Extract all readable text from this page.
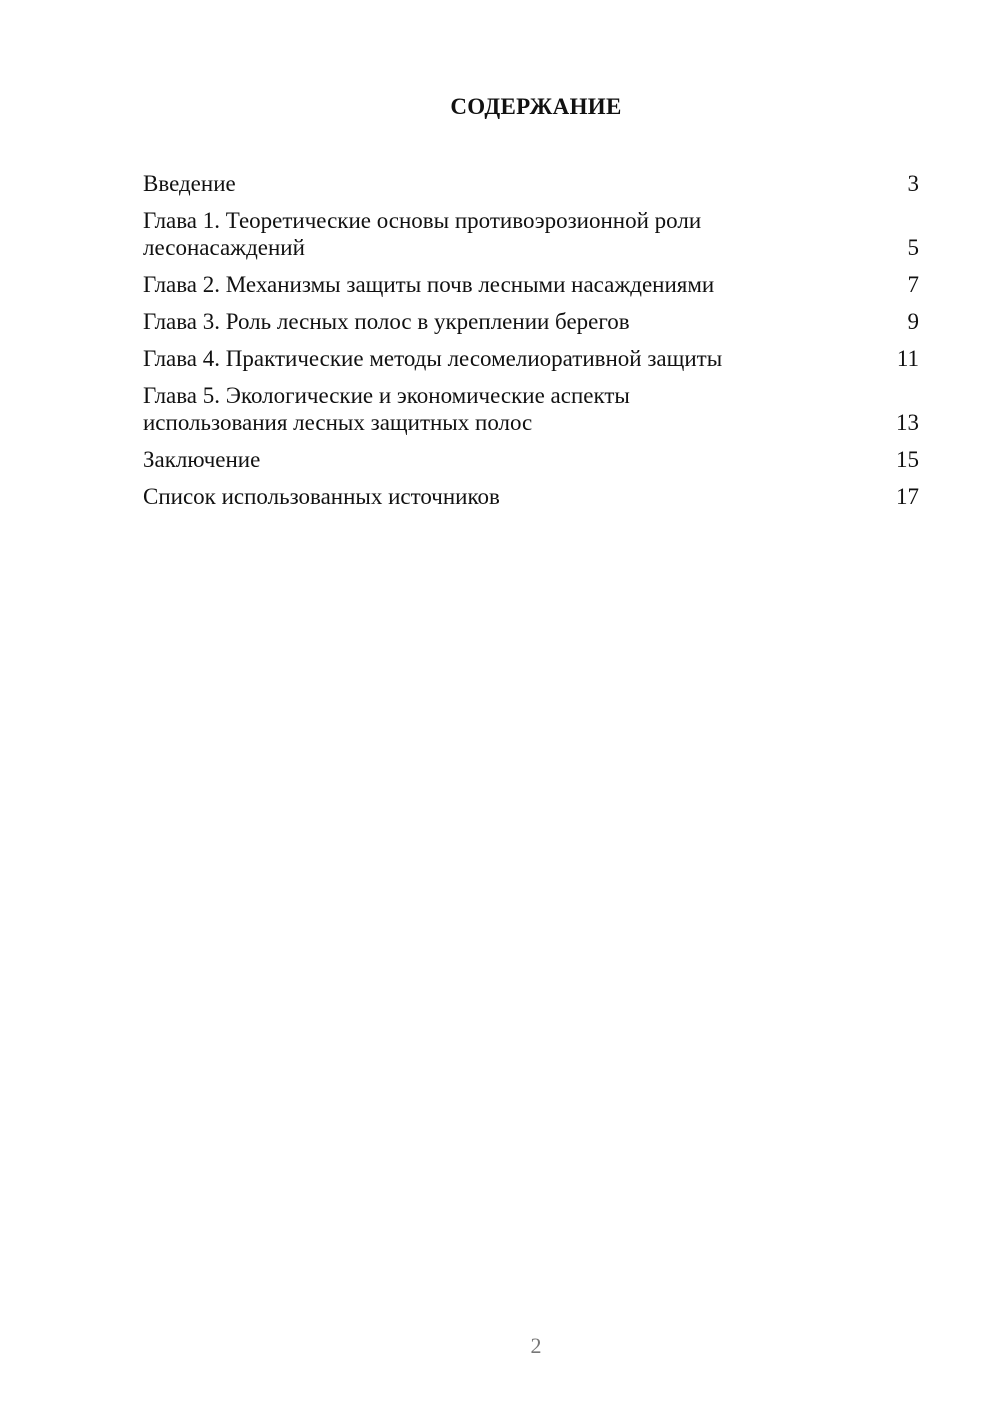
СОДЕРЖАНИЕ
Введение	3
Глава 1. Теоретические основы противоэрозионной роли
лесонасаждений	5
Глава 2. Механизмы защиты почв лесными насаждениями	7
Глава 3. Роль лесных полос в укреплении берегов	9
Глава 4. Практические методы лесомелиоративной защиты	11
Глава 5. Экологические и экономические аспекты
использования лесных защитных полос	13
Заключение	15
Список использованных источников	17
2
